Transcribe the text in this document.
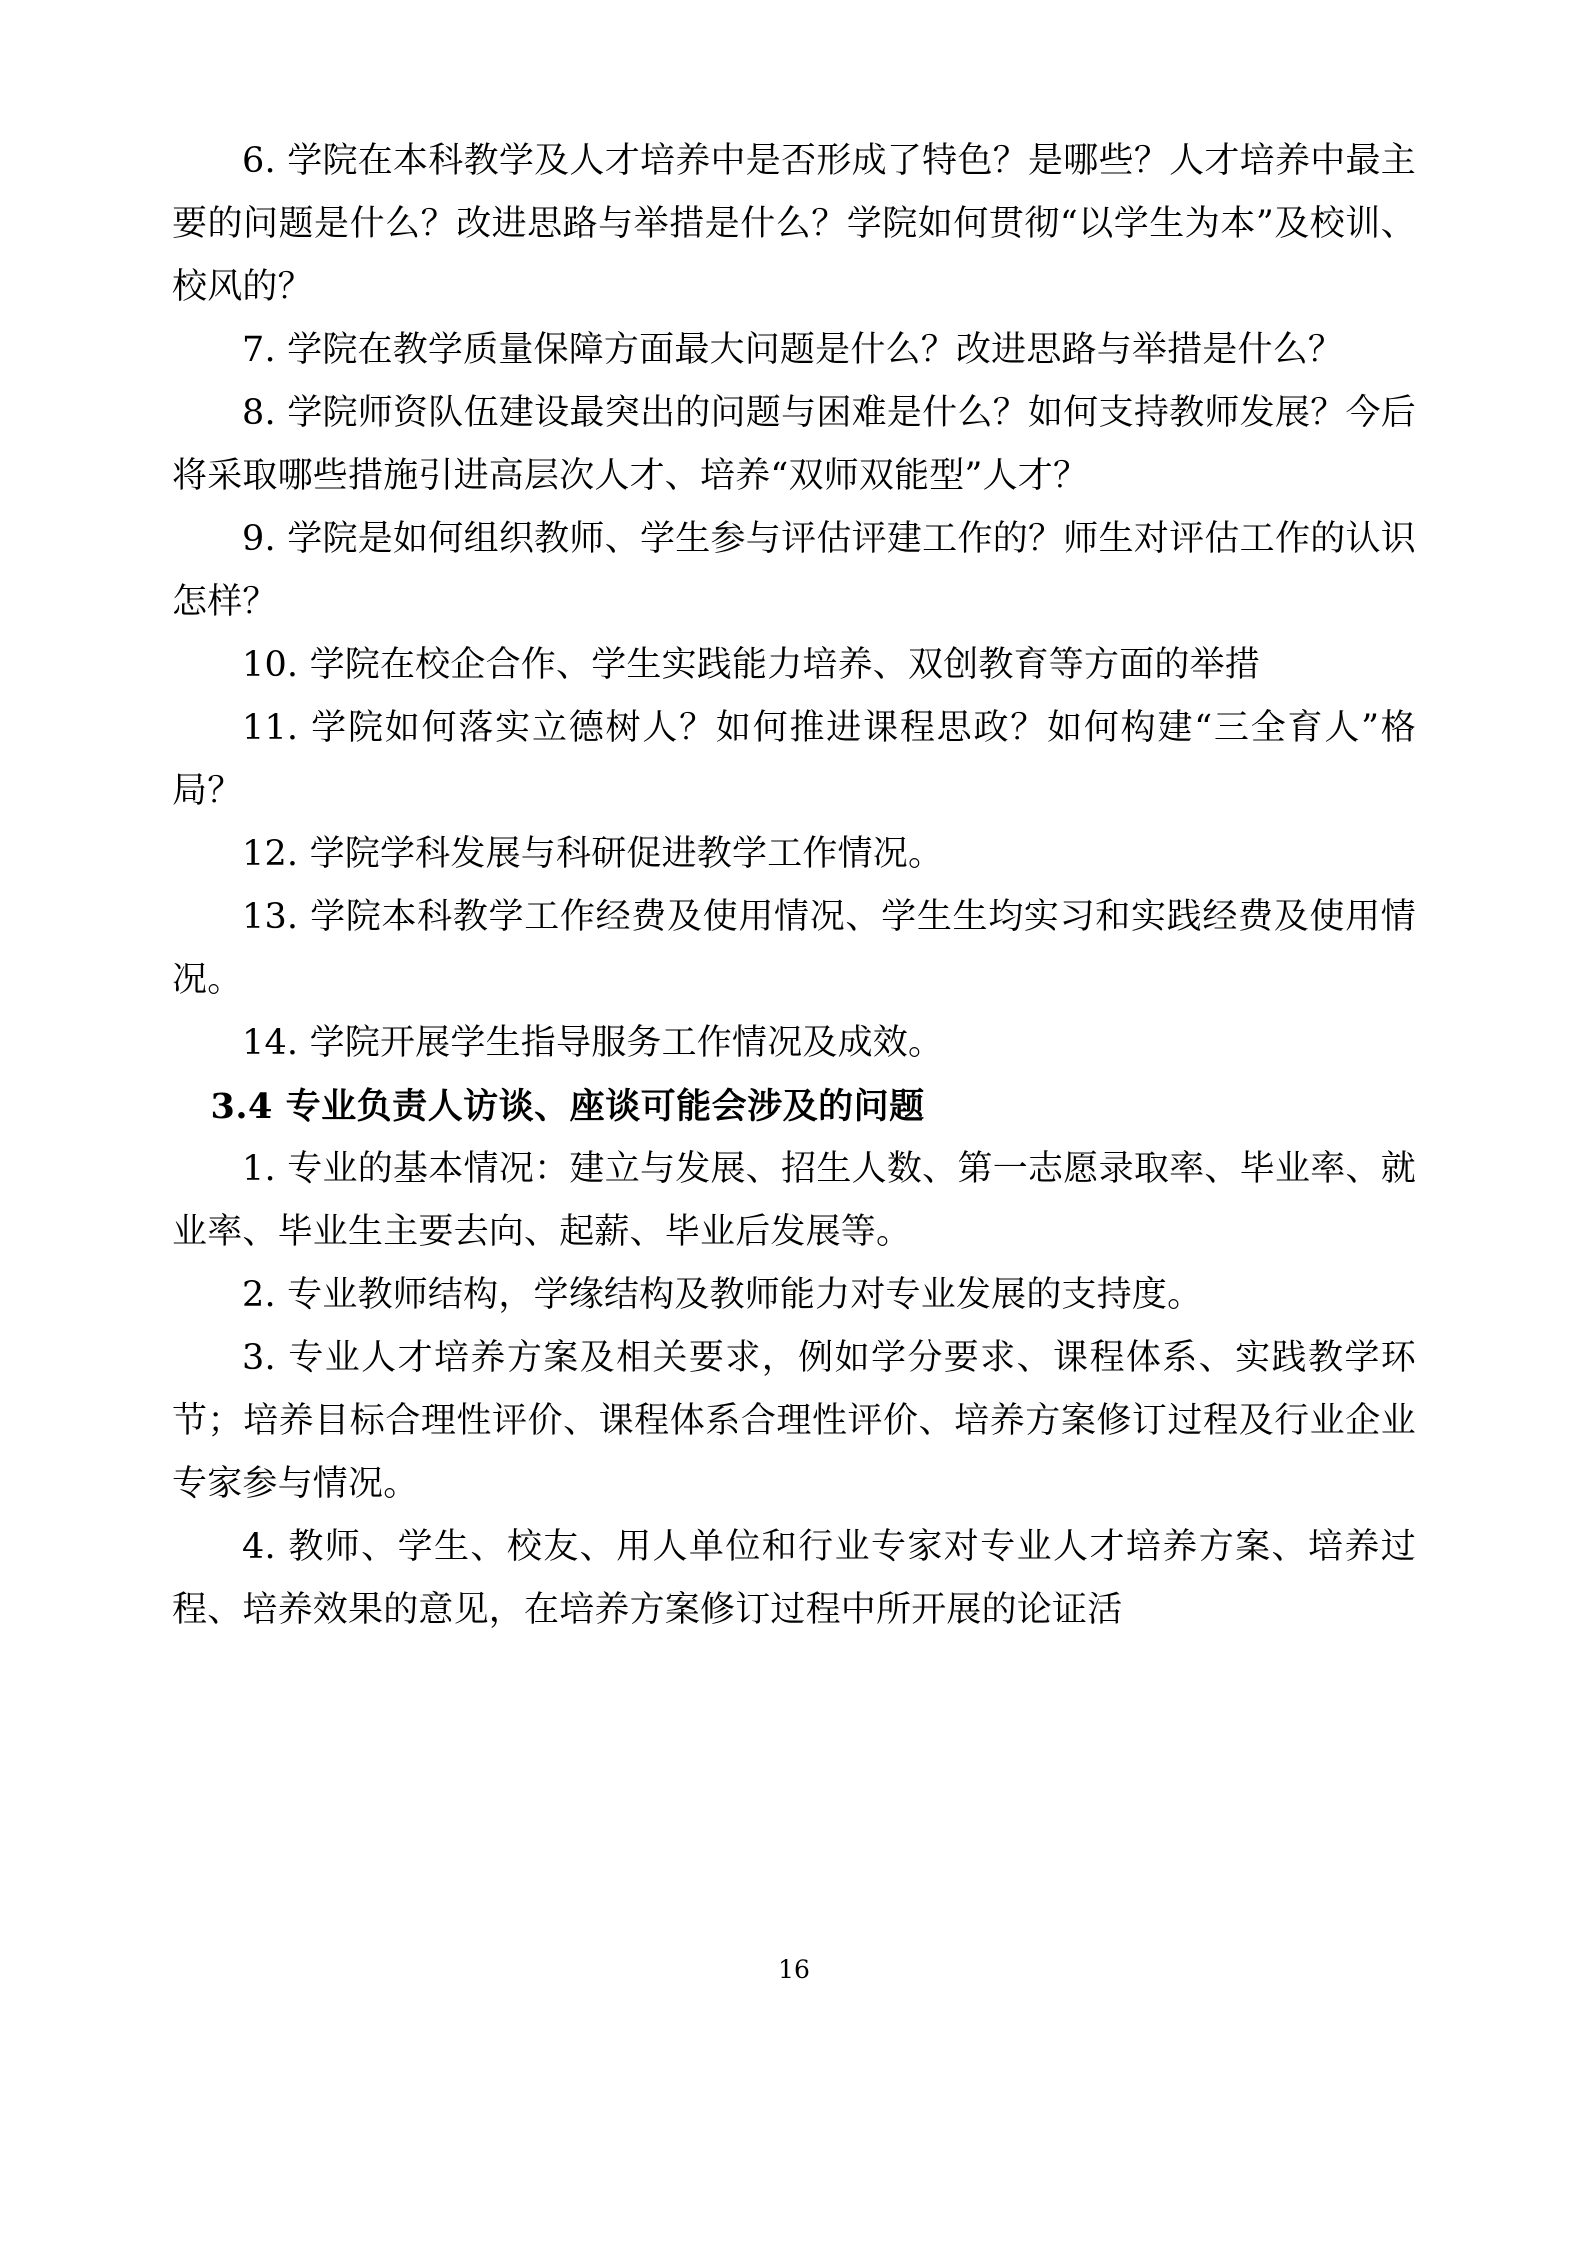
6. 学院在本科教学及人才培养中是否形成了特色？是哪些？人才培养中最主要的问题是什么？改进思路与举措是什么？学院如何贯彻“以学生为本”及校训、校风的？

7. 学院在教学质量保障方面最大问题是什么？改进思路与举措是什么？

8. 学院师资队伍建设最突出的问题与困难是什么？如何支持教师发展？今后将采取哪些措施引进高层次人才、培养“双师双能型”人才？

9. 学院是如何组织教师、学生参与评估评建工作的？师生对评估工作的认识怎样？

10. 学院在校企合作、学生实践能力培养、双创教育等方面的举措

11. 学院如何落实立德树人？如何推进课程思政？如何构建“三全育人”格局？

12. 学院学科发展与科研促进教学工作情况。

13. 学院本科教学工作经费及使用情况、学生生均实习和实践经费及使用情况。

14. 学院开展学生指导服务工作情况及成效。

3.4 专业负责人访谈、座谈可能会涉及的问题

1. 专业的基本情况：建立与发展、招生人数、第一志愿录取率、毕业率、就业率、毕业生主要去向、起薪、毕业后发展等。

2. 专业教师结构，学缘结构及教师能力对专业发展的支持度。

3. 专业人才培养方案及相关要求，例如学分要求、课程体系、实践教学环节；培养目标合理性评价、课程体系合理性评价、培养方案修订过程及行业企业专家参与情况。

4. 教师、学生、校友、用人单位和行业专家对专业人才培养方案、培养过程、培养效果的意见，在培养方案修订过程中所开展的论证活

16
